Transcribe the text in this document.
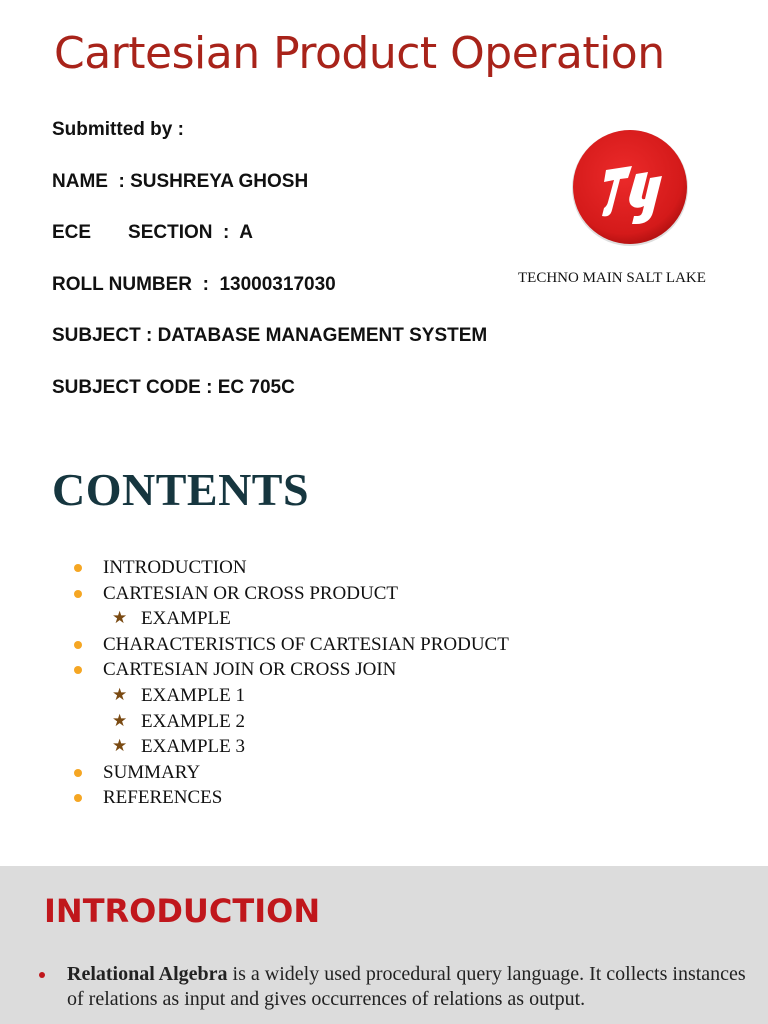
Cartesian Product Operation
Submitted by :
NAME  : SUSHREYA GHOSH
ECE       SECTION  :  A
ROLL NUMBER  :  13000317030
SUBJECT : DATABASE MANAGEMENT SYSTEM
SUBJECT CODE : EC 705C
TECHNO MAIN SALT LAKE
CONTENTS
INTRODUCTION
CARTESIAN OR CROSS PRODUCT
★ EXAMPLE
CHARACTERISTICS OF CARTESIAN PRODUCT
CARTESIAN JOIN OR CROSS JOIN
★ EXAMPLE 1
★ EXAMPLE 2
★ EXAMPLE 3
SUMMARY
REFERENCES
INTRODUCTION
Relational Algebra is a widely used procedural query language. It collects instances of relations as input and gives occurrences of relations as output.
